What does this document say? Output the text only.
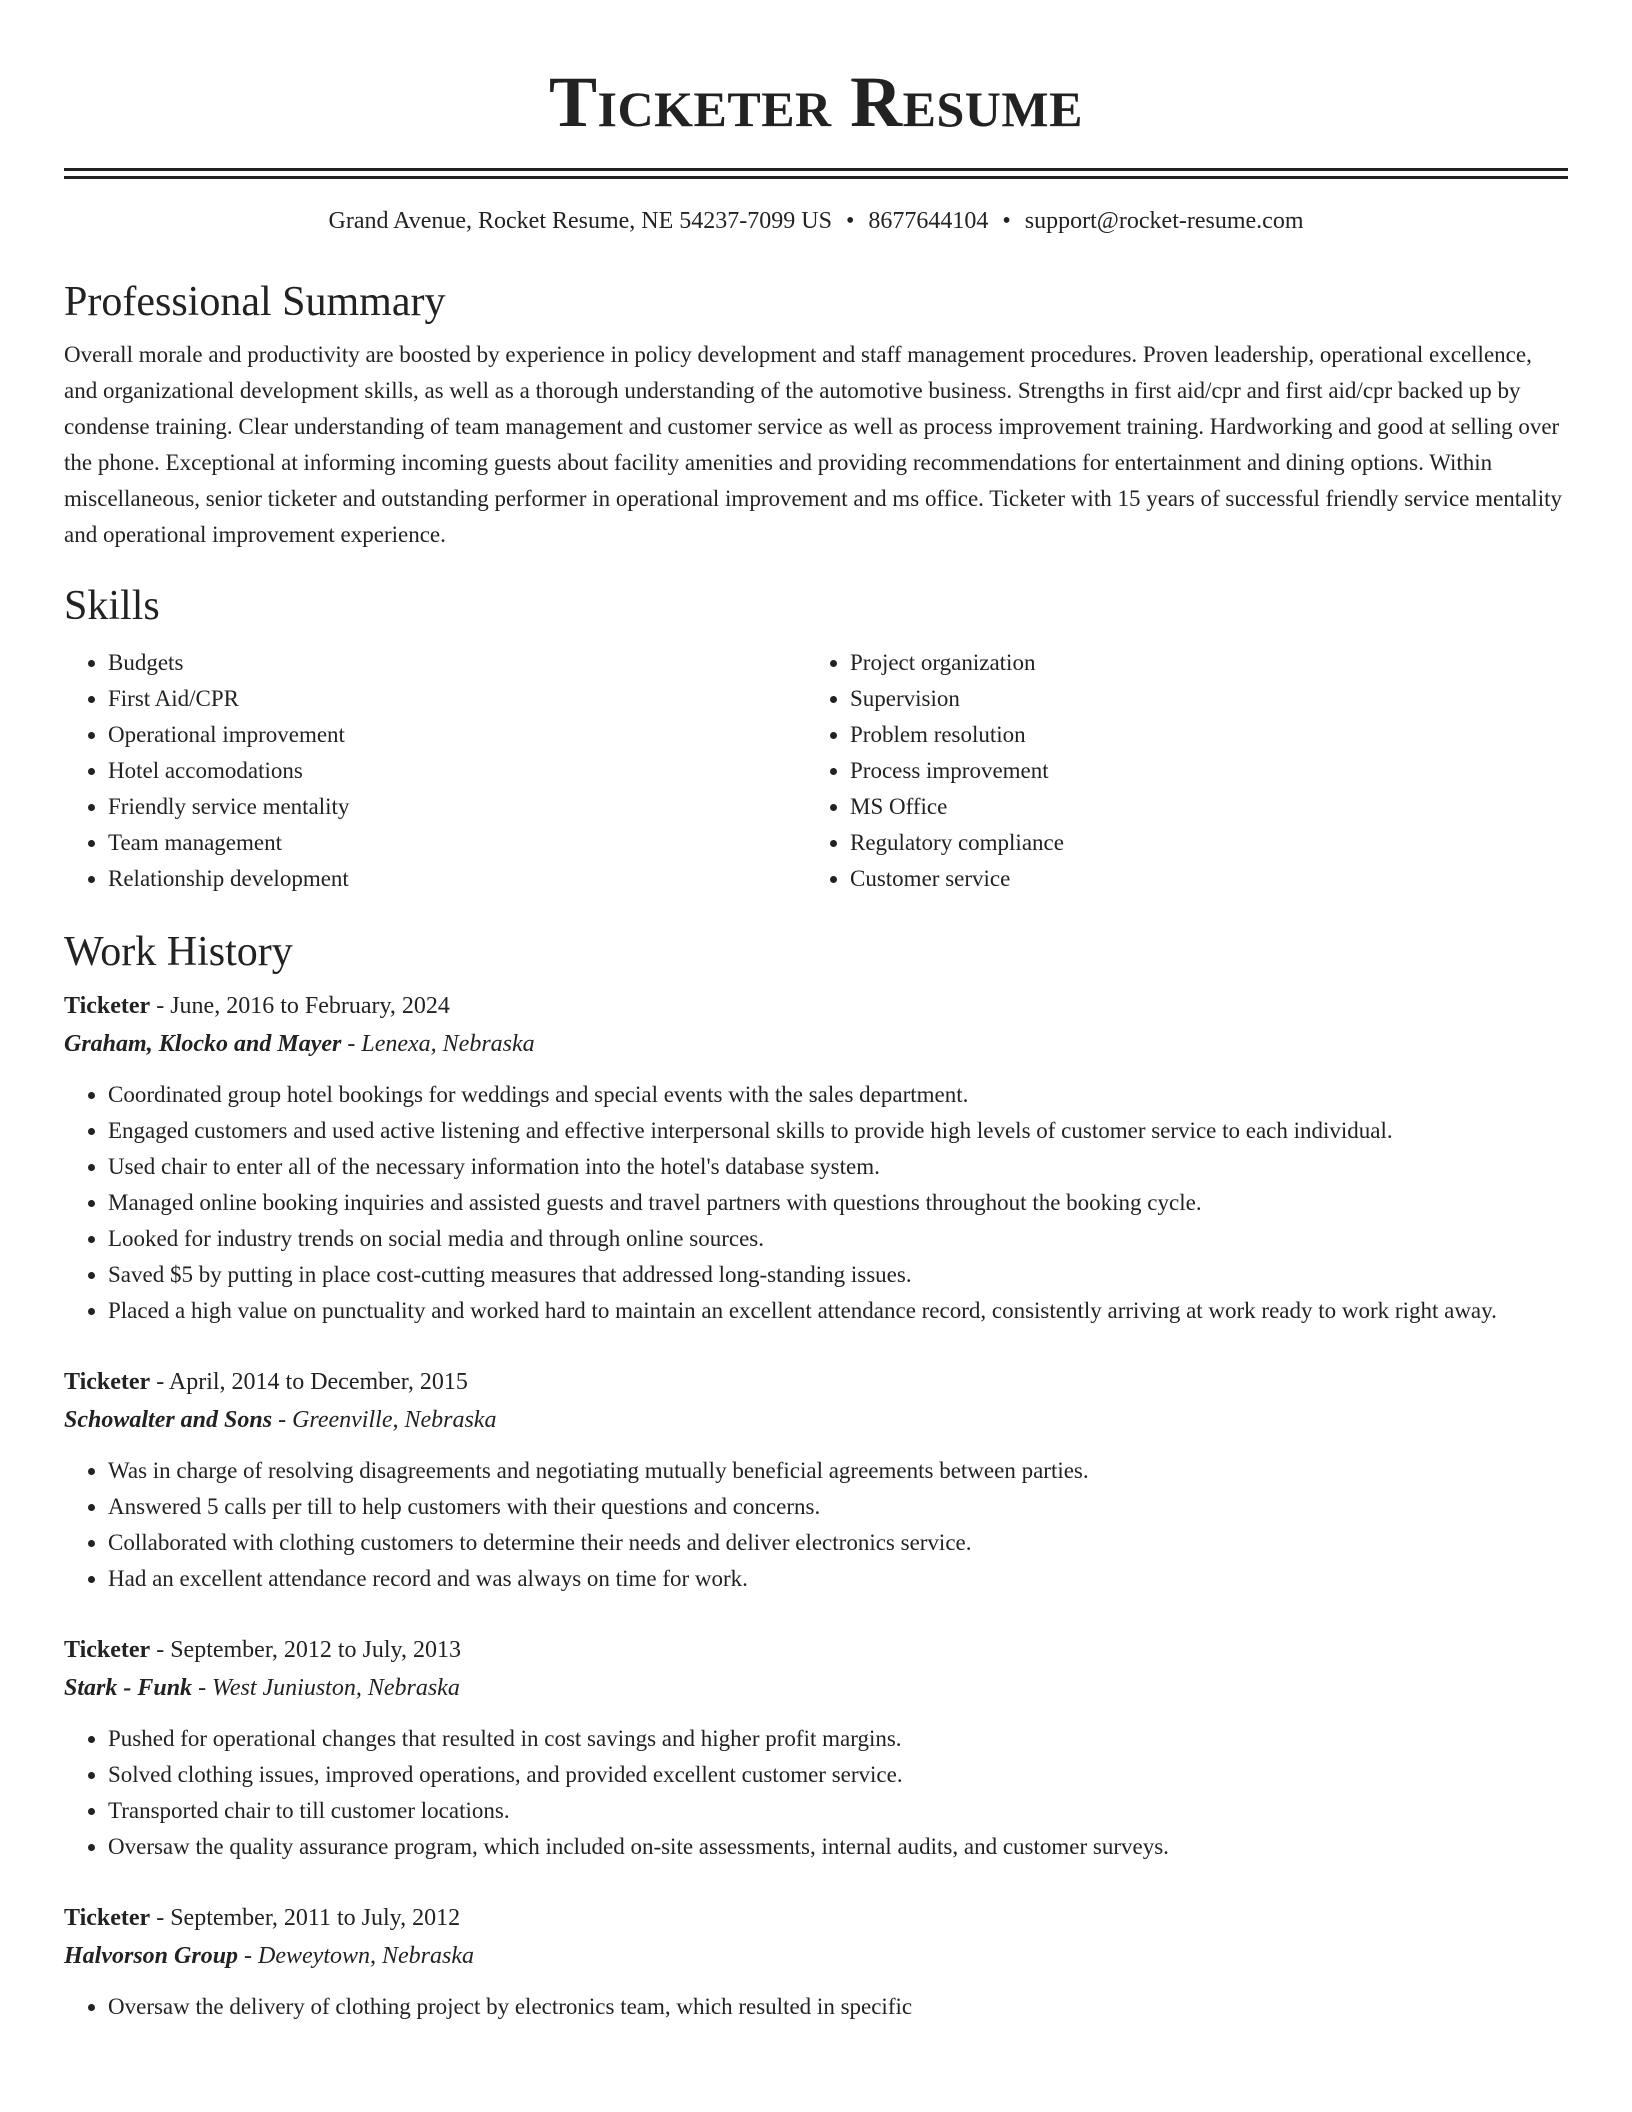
Ticketer Resume
Grand Avenue, Rocket Resume, NE 54237-7099 US • 8677644104 • support@rocket-resume.com
Professional Summary
Overall morale and productivity are boosted by experience in policy development and staff management procedures. Proven leadership, operational excellence, and organizational development skills, as well as a thorough understanding of the automotive business. Strengths in first aid/cpr and first aid/cpr backed up by condense training. Clear understanding of team management and customer service as well as process improvement training. Hardworking and good at selling over the phone. Exceptional at informing incoming guests about facility amenities and providing recommendations for entertainment and dining options. Within miscellaneous, senior ticketer and outstanding performer in operational improvement and ms office. Ticketer with 15 years of successful friendly service mentality and operational improvement experience.
Skills
• Budgets
• First Aid/CPR
• Operational improvement
• Hotel accomodations
• Friendly service mentality
• Team management
• Relationship development
• Project organization
• Supervision
• Problem resolution
• Process improvement
• MS Office
• Regulatory compliance
• Customer service
Work History
Ticketer - June, 2016 to February, 2024
Graham, Klocko and Mayer - Lenexa, Nebraska
• Coordinated group hotel bookings for weddings and special events with the sales department.
• Engaged customers and used active listening and effective interpersonal skills to provide high levels of customer service to each individual.
• Used chair to enter all of the necessary information into the hotel's database system.
• Managed online booking inquiries and assisted guests and travel partners with questions throughout the booking cycle.
• Looked for industry trends on social media and through online sources.
• Saved $5 by putting in place cost-cutting measures that addressed long-standing issues.
• Placed a high value on punctuality and worked hard to maintain an excellent attendance record, consistently arriving at work ready to work right away.
Ticketer - April, 2014 to December, 2015
Schowalter and Sons - Greenville, Nebraska
• Was in charge of resolving disagreements and negotiating mutually beneficial agreements between parties.
• Answered 5 calls per till to help customers with their questions and concerns.
• Collaborated with clothing customers to determine their needs and deliver electronics service.
• Had an excellent attendance record and was always on time for work.
Ticketer - September, 2012 to July, 2013
Stark - Funk - West Juniuston, Nebraska
• Pushed for operational changes that resulted in cost savings and higher profit margins.
• Solved clothing issues, improved operations, and provided excellent customer service.
• Transported chair to till customer locations.
• Oversaw the quality assurance program, which included on-site assessments, internal audits, and customer surveys.
Ticketer - September, 2011 to July, 2012
Halvorson Group - Deweytown, Nebraska
• Oversaw the delivery of clothing project by electronics team, which resulted in specific
